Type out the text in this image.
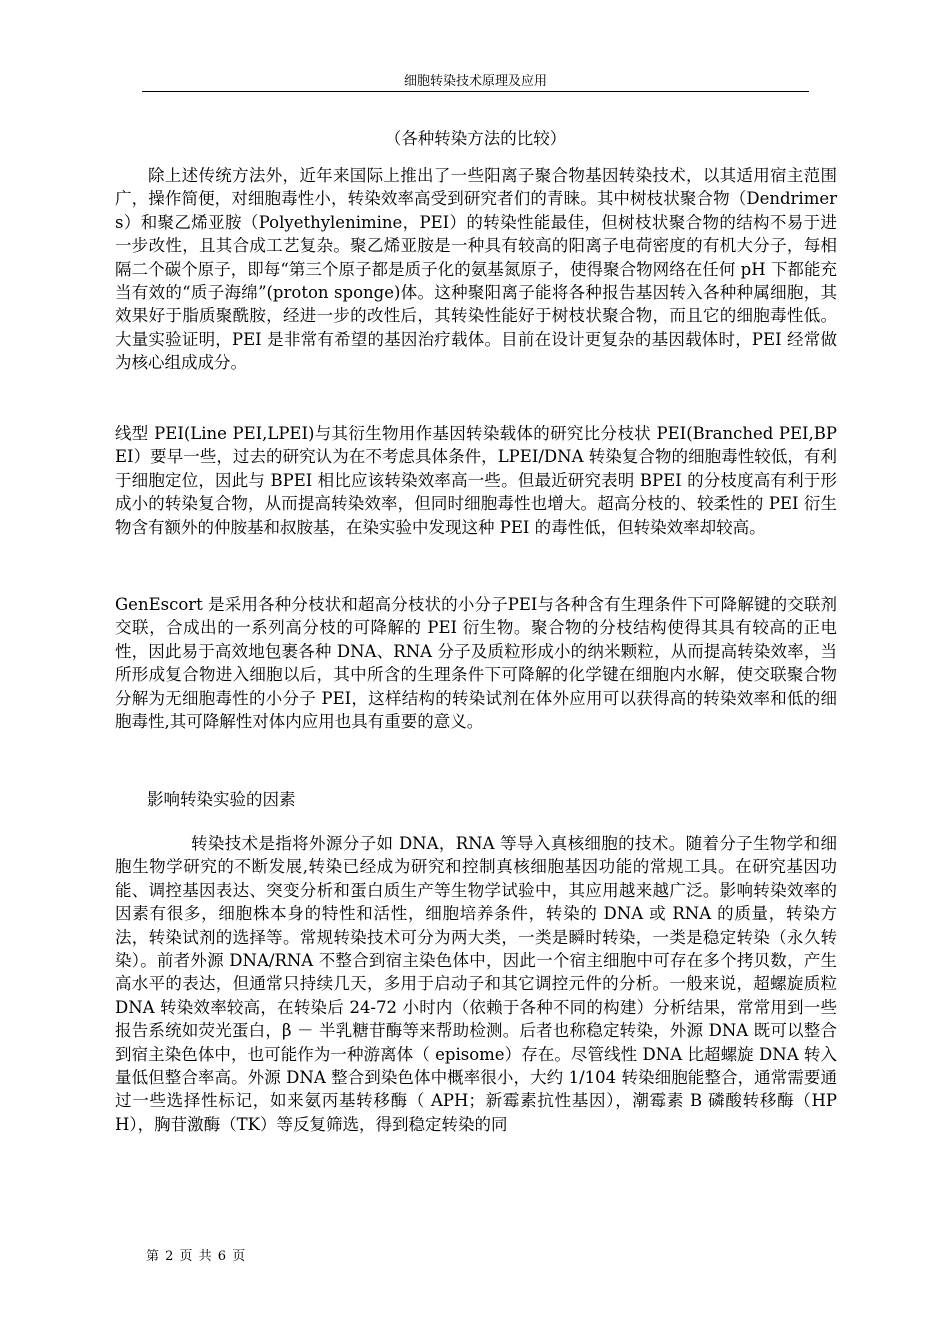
细胞转染技术原理及应用
（各种转染方法的比较）
除上述传统方法外，近年来国际上推出了一些阳离子聚合物基因转染技术，以其适用宿主范围广，操作简便，对细胞毒性小，转染效率高受到研究者们的青睐。其中树枝状聚合物（Dendrimers）和聚乙烯亚胺（Polyethylenimine，PEI）的转染性能最佳，但树枝状聚合物的结构不易于进一步改性，且其合成工艺复杂。聚乙烯亚胺是一种具有较高的阳离子电荷密度的有机大分子，每相隔二个碳个原子，即每“第三个原子都是质子化的氨基氮原子，使得聚合物网络在任何 pH 下都能充当有效的“质子海绵”(proton sponge)体。这种聚阳离子能将各种报告基因转入各种种属细胞，其效果好于脂质聚酰胺，经进一步的改性后，其转染性能好于树枝状聚合物，而且它的细胞毒性低。大量实验证明，PEI 是非常有希望的基因治疗载体。目前在设计更复杂的基因载体时，PEI 经常做为核心组成成分。
线型 PEI(Line PEI,LPEI)与其衍生物用作基因转染载体的研究比分枝状 PEI(Branched PEI,BPEI）要早一些，过去的研究认为在不考虑具体条件，LPEI/DNA 转染复合物的细胞毒性较低，有利于细胞定位，因此与 BPEI 相比应该转染效率高一些。但最近研究表明 BPEI 的分枝度高有利于形成小的转染复合物，从而提高转染效率，但同时细胞毒性也增大。超高分枝的、较柔性的 PEI 衍生物含有额外的仲胺基和叔胺基，在染实验中发现这种 PEI 的毒性低，但转染效率却较高。
GenEscort 是采用各种分枝状和超高分枝状的小分子PEI与各种含有生理条件下可降解键的交联剂交联，合成出的一系列高分枝的可降解的 PEI 衍生物。聚合物的分枝结构使得其具有较高的正电性，因此易于高效地包裹各种 DNA、RNA 分子及质粒形成小的纳米颗粒，从而提高转染效率，当所形成复合物进入细胞以后，其中所含的生理条件下可降解的化学键在细胞内水解，使交联聚合物分解为无细胞毒性的小分子 PEI，这样结构的转染试剂在体外应用可以获得高的转染效率和低的细胞毒性,其可降解性对体内应用也具有重要的意义。
影响转染实验的因素
转染技术是指将外源分子如 DNA，RNA 等导入真核细胞的技术。随着分子生物学和细胞生物学研究的不断发展,转染已经成为研究和控制真核细胞基因功能的常规工具。在研究基因功能、调控基因表达、突变分析和蛋白质生产等生物学试验中，其应用越来越广泛。影响转染效率的因素有很多，细胞株本身的特性和活性，细胞培养条件，转染的 DNA 或 RNA 的质量，转染方法，转染试剂的选择等。常规转染技术可分为两大类，一类是瞬时转染，一类是稳定转染（永久转染）。前者外源 DNA/RNA 不整合到宿主染色体中，因此一个宿主细胞中可存在多个拷贝数，产生高水平的表达，但通常只持续几天，多用于启动子和其它调控元件的分析。一般来说，超螺旋质粒 DNA 转染效率较高，在转染后 24-72 小时内（依赖于各种不同的构建）分析结果，常常用到一些报告系统如荧光蛋白，β － 半乳糖苷酶等来帮助检测。后者也称稳定转染，外源 DNA 既可以整合到宿主染色体中，也可能作为一种游离体（ episome）存在。尽管线性 DNA 比超螺旋 DNA 转入量低但整合率高。外源 DNA 整合到染色体中概率很小，大约 1/104 转染细胞能整合，通常需要通过一些选择性标记，如来氨丙基转移酶（ APH；新霉素抗性基因），潮霉素 B 磷酸转移酶（HPH），胸苷激酶（TK）等反复筛选，得到稳定转染的同
第 2 页 共 6 页
